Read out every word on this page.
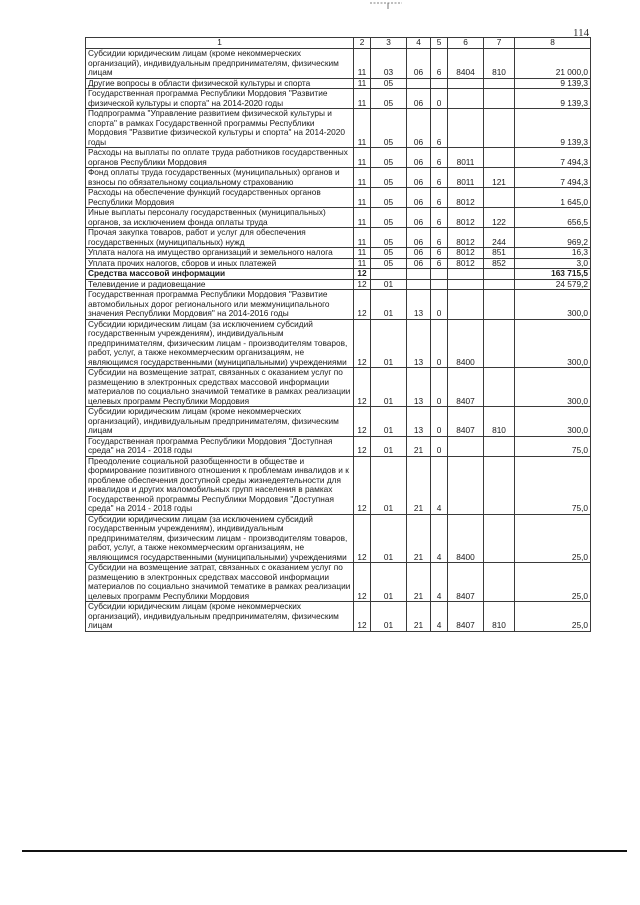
114
1	2	3	4	5	6	7	8
Субсидии юридическим лицам (кроме некоммерческих организаций), индивидуальным предпринимателям, физическим лицам	11	03	06	6	8404	810	21 000,0
Другие вопросы в области физической культуры и спорта	11	05					9 139,3
Государственная программа Республики Мордовия "Развитие физической культуры и спорта" на 2014-2020 годы	11	05	06	0			9 139,3
Подпрограмма "Управление развитием физической культуры и спорта" в рамках Государственной программы Республики Мордовия "Развитие физической культуры и спорта" на 2014-2020 годы	11	05	06	6			9 139,3
Расходы на выплаты по оплате труда работников государственных органов Республики Мордовия	11	05	06	6	8011		7 494,3
Фонд оплаты труда государственных (муниципальных) органов и взносы по обязательному социальному страхованию	11	05	06	6	8011	121	7 494,3
Расходы на обеспечение функций государственных органов Республики Мордовия	11	05	06	6	8012		1 645,0
Иные выплаты персоналу государственных (муниципальных) органов, за исключением фонда оплаты труда	11	05	06	6	8012	122	656,5
Прочая закупка товаров, работ и услуг для обеспечения государственных (муниципальных) нужд	11	05	06	6	8012	244	969,2
Уплата налога на имущество организаций и земельного налога	11	05	06	6	8012	851	16,3
Уплата прочих налогов, сборов и иных платежей	11	05	06	6	8012	852	3,0
Средства массовой информации	12						163 715,5
Телевидение и радиовещание	12	01					24 579,2
Государственная программа Республики Мордовия "Развитие автомобильных дорог регионального или межмуниципального значения Республики Мордовия" на 2014-2016 годы	12	01	13	0			300,0
Субсидии юридическим лицам (за исключением субсидий государственным учреждениям), индивидуальным предпринимателям, физическим лицам - производителям товаров, работ, услуг, а также некоммерческим организациям, не являющимся государственными (муниципальными) учреждениями	12	01	13	0	8400		300,0
Субсидии на возмещение затрат, связанных с оказанием услуг по размещению в электронных средствах массовой информации материалов по социально значимой тематике в рамках реализации целевых программ Республики Мордовия	12	01	13	0	8407		300,0
Субсидии юридическим лицам (кроме некоммерческих организаций), индивидуальным предпринимателям, физическим лицам	12	01	13	0	8407	810	300,0
Государственная программа Республики Мордовия "Доступная среда" на 2014 - 2018 годы	12	01	21	0			75,0
Преодоление социальной разобщенности в обществе и формирование позитивного отношения к проблемам инвалидов и к проблеме обеспечения доступной среды жизнедеятельности для инвалидов и других маломобильных групп населения в рамках Государственной программы Республики Мордовия "Доступная среда" на 2014 - 2018 годы	12	01	21	4			75,0
Субсидии юридическим лицам (за исключением субсидий государственным учреждениям), индивидуальным предпринимателям, физическим лицам - производителям товаров, работ, услуг, а также некоммерческим организациям, не являющимся государственными (муниципальными) учреждениями	12	01	21	4	8400		25,0
Субсидии на возмещение затрат, связанных с оказанием услуг по размещению в электронных средствах массовой информации материалов по социально значимой тематике в рамках реализации целевых программ Республики Мордовия	12	01	21	4	8407		25,0
Субсидии юридическим лицам (кроме некоммерческих организаций), индивидуальным предпринимателям, физическим лицам	12	01	21	4	8407	810	25,0
